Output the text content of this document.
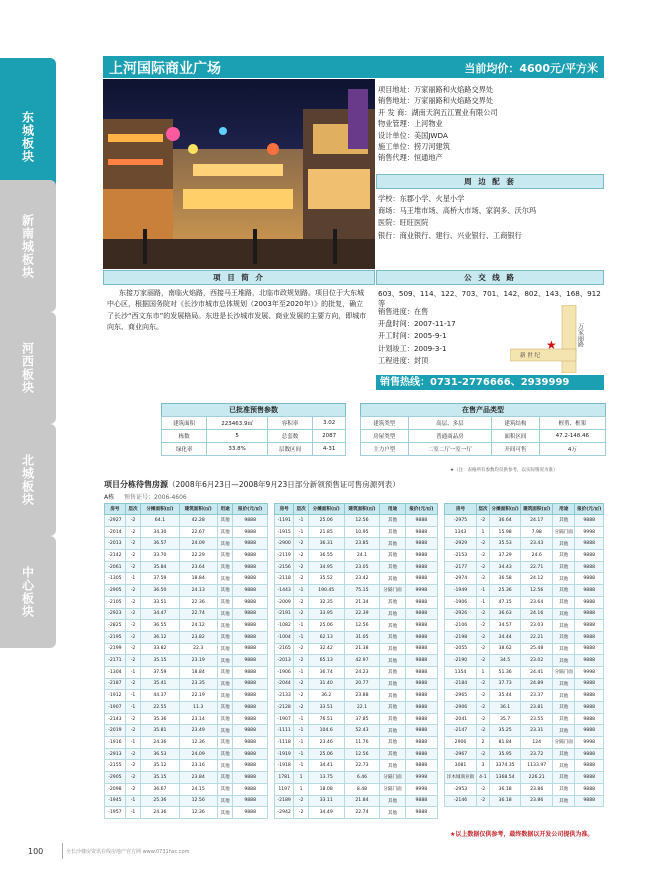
东城板块
新南城板块
河西板块
北城板块
中心板块
上河国际商业广场	当前均价：4600元/平方米
项目地址：万家丽路和火焰路交界处
销售地址：万家丽路和火焰路交界处
开 发 商：湖南天润五江置业有限公司
物业管理：上河物业
设计单位：美国JWDA
施工单位：捞刀河建筑
销售代理：恒通地产
周 边 配 套
学校：东郡小学、火星小学
商场：马王堆市场、高桥大市场、家润多、沃尔玛
医院：旺旺医院
银行：商业银行、建行、兴业银行、工商银行
项 目 简 介	公 交 线 路
东接万家丽路，南临火焰路，西接马王堆路，北临市政规划路。项目位于大东城中心区，根据国务院对《长沙市城市总体规划（2003年至2020年）》的批复，确立了长沙“西文东市”的发展格局。东进是长沙城市发展、商业发展的主要方向，即城市向东、商业向东。
603、509、114、122、703、701、142、802、143、168、912等
销售进度：在售
开盘时间：2007-11-17
开工时间：2005-9-1
计划竣工：2009-3-1
工程进度：封顶
万家丽路
新 世 纪
★
销售热线：0731-2776666、2939999
已批准预售参数
建筑面积	223463.9㎡	容积率	3.02
栋数	5	总套数	2087
绿化率	33.8%	层数区间	4-31
在售产品类型
建筑类型	高层、多层	建筑结构	框剪、框架
房屋类型	普通商品房	面积区间	47.2-148.46
主力户型	二室二厅一室一厅	开间可售	4万
★（注：表格所有参数均仅供参考，以实际情况为准）
项目分栋待售房源（2008年6月23日—2008年9月23日部分新领预售证可售房源列表）
A栋 预售证号：2006-4606
房号	层次	分摊面积(㎡)	建筑面积(㎡)	用途	报价(元/㎡)
-2927	-2	64.1	42.28	其他	9888
-2014	-2	34.30	22.67	其他	9888
-2013	-2	36.57	24.09	其他	9888
-2142	-2	33.70	22.29	其他	9888
-2061	-2	35.84	23.64	其他	9888
-1305	-1	37.59	18.84	其他	9888
-2905	-2	36.50	24.13	其他	9888
-2105	-2	33.51	22.36	其他	9888
-2923	-2	34.47	22.74	其他	9888
-2825	-2	36.55	24.12	其他	9888
-2195	-2	36.12	23.82	其他	9888
-2199	-2	33.82	22.3	其他	9888
-2171	-2	35.15	23.19	其他	9888
-1304	-1	37.59	18.84	其他	9888
-2187	-2	35.41	23.35	其他	9888
-1912	-1	44.37	22.19	其他	9888
-1907	-1	22.55	11.3	其他	9888
-2143	-2	35.36	23.14	其他	9888
-2019	-2	35.81	23.49	其他	9888
-1916	-1	24.36	12.36	其他	9888
-2913	-2	36.53	24.09	其他	9888
-2155	-2	35.12	23.16	其他	9888
-2905	-2	35.15	23.84	其他	9888
-2098	-2	36.67	24.15	其他	9888
-1945	-1	25.36	12.56	其他	9888
-1957	-1	24.36	12.36	其他	9888
房号	层次	分摊面积(㎡)	建筑面积(㎡)	用途	报价(元/㎡)
-1191	-1	25.06	12.56	其他	9888
-1915	-1	21.85	10.95	其他	9888
-2900	-2	36.31	23.85	其他	9888
-2119	-2	36.55	24.1	其他	9888
-2156	-2	34.95	23.05	其他	9888
-2118	-2	35.52	23.42	其他	9888
-1443	-1	190.45	75.15	分隔门面	9998
-2009	-2	32.35	21.34	其他	9888
-2191	-2	33.95	22.39	其他	9888
-1082	-1	25.06	12.56	其他	9888
-1004	-1	62.13	31.05	其他	9888
-2165	-2	32.42	21.38	其他	9888
-2013	-2	65.13	42.97	其他	9888
-1906	-1	36.74	24.23	其他	9888
-2044	-2	31.40	20.77	其他	9888
-2133	-2	36.2	23.88	其他	9888
-2128	-2	33.51	22.1	其他	9888
-1907	-1	76.51	37.85	其他	9888
-1111	-1	104.6	52.43	其他	9888
-1118	-1	23.46	11.76	其他	9888
-1919	-1	25.06	12.56	其他	9888
-1918	-1	34.41	22.73	其他	9888
1781	1	13.75	6.46	分隔门面	9998
1197	1	18.08	8.48	分隔门面	9998
-2189	-2	33.11	21.84	其他	9888
-2942	-2	34.49	22.74	其他	9888
房号	层次	分摊面积(㎡)	建筑面积(㎡)	用途	报价(元/㎡)
-2975	-2	36.64	24.17	其他	9888
1343	1	15.98	7.98	分隔门面	9998
-2929	-2	35.53	23.43	其他	9888
-2153	-2	37.29	24.6	其他	9888
-2177	-2	34.43	22.71	其他	9888
-2974	-2	36.58	24.12	其他	9888
-1949	-1	25.36	12.56	其他	9888
-1906	-1	47.15	23.64	其他	9888
-2926	-2	36.63	24.16	其他	9888
-2106	-2	34.57	23.03	其他	9888
-2198	-2	34.44	22.21	其他	9888
-2055	-2	38.62	25.48	其他	9888
-2190	-2	34.5	23.02	其他	9888
1354	1	51.36	24.41	分隔门面	9998
-2184	-2	37.73	24.89	其他	9888
-2965	-2	35.44	23.37	其他	9888
-2906	-2	36.1	23.81	其他	9888
-2041	-2	35.7	23.55	其他	9888
-2147	-2	35.25	23.31	其他	9888
2906	2	81.84	124	分隔门面	9998
-2967	-2	35.95	23.72	其他	9888
3081	3	3374.35	1133.97	其他	9888
洋木城商业街	4-1	1368.54	226.21	其他	9888
-2953	-2	36.18	23.86	其他	9888
-2146	-2	36.18	23.86	其他	9888
★以上数据仅供参考，最终数据以开发公司提供为准。
100	全长沙楼房资讯在线房地产官方网 www.0731hsc.com
